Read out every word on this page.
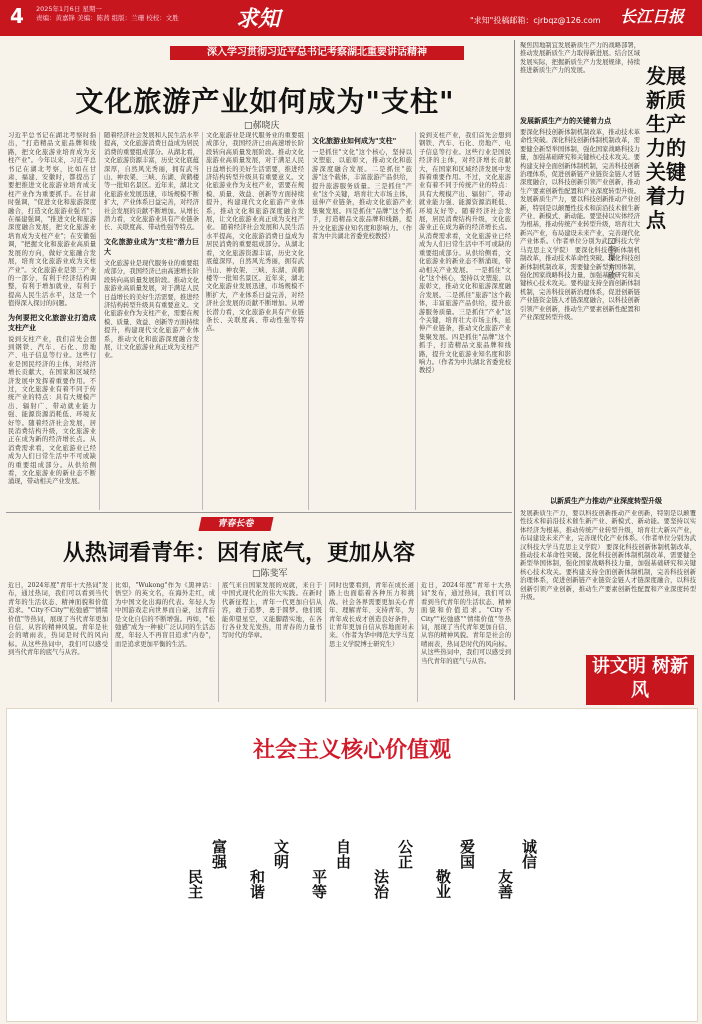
4 2025年1月6日 星期一
责编：黄嘉锋 美编：陈茜 组版：兰珊 校校：文胜	求知	"求知"投稿邮箱：cjrbqz@126.com 长江日报
深入学习贯彻习近平总书记考察湖北重要讲话精神
文化旅游产业如何成为"支柱"
□郝晓庆
习近平总书记在湖北考察时指出，"打造精品文旅品牌和线路，把文化旅游业培育成为支柱产业"。今年以来，习近平总书记在湖北考察，比如在甘肃、福建、安徽时，都提出了要把推进文化旅游业培育成支柱产业作为重要抓手。在甘肃时强调，"促进文化和旅游深度融合，打造文化旅游业强省"；在福建强调，"推进文化和旅游深度融合发展，把文化旅游业培育成为支柱产业"；在安徽强调，"把握文化和旅游业高质量发展的方向，做好文旅融合发展，培育文化旅游业成为支柱产业"。文化旅游业是第三产业的一部分，有利于经济结构调整，有利于增加就业，有利于提高人民生活水平，这是一个值得深入探讨的问题。
为何要把文化旅游业打造成支柱产业
说到支柱产业，我们首先会想到钢铁、汽车、石化、房地产、电子信息等行业。这些行业是国民经济的主体，对经济增长贡献大，在国家和区域经济发展中发挥着重要作用。不过，文化旅游业有着不同于传统产业的特点：具有大规模产出、辐射广、带动就业能力强、能源资源消耗低、环境友好等。随着经济社会发展，居民消费结构升级，文化旅游业正在成为新的经济增长点。从消费需求看，文化旅游业已经成为人们日常生活中不可或缺的重要组成部分。从供给侧看，文化旅游业的新业态不断涌现，带动相关产业发展。
随着经济社会发展和人民生活水平提高，文化旅游消费日益成为居民消费的重要组成部分。从湖北看，文化旅游资源丰富，历史文化底蕴深厚，自然风光秀丽，拥有武当山、神农架、三峡、东湖、黄鹤楼等一批知名景区。近年来，湖北文化旅游业发展迅速，市场规模不断扩大，产业体系日益完善，对经济社会发展的贡献不断增加。从增长潜力看，文化旅游业具有产业链条长、关联度高、带动性强等特点。
文化旅游业成为"支柱"潜力巨大
文化旅游业是现代服务业的重要组成部分，我国经济已由高速增长阶段转向高质量发展阶段。推动文化旅游业高质量发展，对于满足人民日益增长的美好生活需要，推进经济结构转型升级具有重要意义。文化旅游业作为支柱产业，需要在规模、质量、效益、创新等方面持续提升，构建现代文化旅游产业体系，推动文化和旅游深度融合发展，让文化旅游业真正成为支柱产业。
文化旅游业是现代服务业的重要组成部分，我国经济已由高速增长阶段转向高质量发展阶段。推动文化旅游业高质量发展，对于满足人民日益增长的美好生活需要，推进经济结构转型升级具有重要意义。文化旅游业作为支柱产业，需要在规模、质量、效益、创新等方面持续提升，构建现代文化旅游产业体系，推动文化和旅游深度融合发展，让文化旅游业真正成为支柱产业。 随着经济社会发展和人民生活水平提高，文化旅游消费日益成为居民消费的重要组成部分。从湖北看，文化旅游资源丰富，历史文化底蕴深厚，自然风光秀丽，拥有武当山、神农架、三峡、东湖、黄鹤楼等一批知名景区。近年来，湖北文化旅游业发展迅速，市场规模不断扩大，产业体系日益完善，对经济社会发展的贡献不断增加。从增长潜力看，文化旅游业具有产业链条长、关联度高、带动性强等特点。
文化旅游业如何成为"支柱"
一是抓住"文化"这个核心，坚持以文塑旅、以旅彰文，推动文化和旅游深度融合发展。二是抓住"旅游"这个载体，丰富旅游产品供给，提升旅游服务质量。三是抓住"产业"这个关键，培育壮大市场主体，延伸产业链条，推动文化旅游产业集聚发展。四是抓住"品牌"这个抓手，打造精品文旅品牌和线路，提升文化旅游业知名度和影响力。（作者为中共湖北省委党校教授）
说到支柱产业，我们首先会想到钢铁、汽车、石化、房地产、电子信息等行业。这些行业是国民经济的主体，对经济增长贡献大，在国家和区域经济发展中发挥着重要作用。不过，文化旅游业有着不同于传统产业的特点：具有大规模产出、辐射广、带动就业能力强、能源资源消耗低、环境友好等。随着经济社会发展，居民消费结构升级，文化旅游业正在成为新的经济增长点。从消费需求看，文化旅游业已经成为人们日常生活中不可或缺的重要组成部分。从供给侧看，文化旅游业的新业态不断涌现，带动相关产业发展。 一是抓住"文化"这个核心，坚持以文塑旅、以旅彰文，推动文化和旅游深度融合发展。二是抓住"旅游"这个载体，丰富旅游产品供给，提升旅游服务质量。三是抓住"产业"这个关键，培育壮大市场主体，延伸产业链条，推动文化旅游产业集聚发展。四是抓住"品牌"这个抓手，打造精品文旅品牌和线路，提升文化旅游业知名度和影响力。（作者为中共湖北省委党校教授）
聚焦因地制宜发展新质生产力的战略部署，推动发展新质生产力取得新进展。结合区域发展实际，把握新质生产力发展规律，持续推进新质生产力的发展。	发展新质生产力的关键着力点
□李璟 方欣
发展新质生产力的关键着力点
要深化科技创新体制机制改革，推动技术革命性突破。深化科技创新体制机制改革，需要健全新型举国体制，强化国家战略科技力量，加强基础研究和关键核心技术攻关。要构建支持全面创新体制机制，完善科技创新治理体系，促进创新链产业链资金链人才链深度融合，以科技创新引领产业创新，推动生产要素创新性配置和产业深度转型升级。 发展新质生产力，要以科技创新推动产业创新，特别是以颠覆性技术和前沿技术催生新产业、新模式、新动能。要坚持以实体经济为根基，推动传统产业转型升级，培育壮大新兴产业，布局建设未来产业，完善现代化产业体系。（作者单位分别为武汉科技大学马克思主义学院） 要深化科技创新体制机制改革，推动技术革命性突破。深化科技创新体制机制改革，需要健全新型举国体制，强化国家战略科技力量，加强基础研究和关键核心技术攻关。要构建支持全面创新体制机制，完善科技创新治理体系，促进创新链产业链资金链人才链深度融合，以科技创新引领产业创新，推动生产要素创新性配置和产业深度转型升级。
以新质生产力推动产业深度转型升级
发展新质生产力，要以科技创新推动产业创新，特别是以颠覆性技术和前沿技术催生新产业、新模式、新动能。要坚持以实体经济为根基，推动传统产业转型升级，培育壮大新兴产业，布局建设未来产业，完善现代化产业体系。（作者单位分别为武汉科技大学马克思主义学院） 要深化科技创新体制机制改革，推动技术革命性突破。深化科技创新体制机制改革，需要健全新型举国体制，强化国家战略科技力量，加强基础研究和关键核心技术攻关。要构建支持全面创新体制机制，完善科技创新治理体系，促进创新链产业链资金链人才链深度融合，以科技创新引领产业创新，推动生产要素创新性配置和产业深度转型升级。
青春长卷
从热词看青年：因有底气，更加从容
□陈斐军
近日，2024年度"青年十大热词"发布，通过热词，我们可以看到当代青年的生活状态、精神面貌和价值追求。"City不City""松弛感""情绪价值"等热词，展现了当代青年更加自信、从容的精神风貌。青年是社会的晴雨表，热词是时代的风向标。从这些热词中，我们可以感受到当代青年的底气与从容。
比如，"Wukong"作为《黑神话：悟空》的英文名，在海外走红，成为中国文化出海的代表。年轻人为中国游戏走向世界而自豪，这背后是文化自信的不断增强。再如，"松弛感"成为一种被广泛认同的生活态度，年轻人不再盲目追求"内卷"，而是追求更加平衡的生活。
底气来自国家发展的成就，来自于中国式现代化的伟大实践。在新时代新征程上，青年一代更加自信从容，敢于追梦、勇于圆梦。他们既能仰望星空，又能脚踏实地，在各行各业发光发热，用青春的力量书写时代的华章。
同时也要看到，青年在成长道路上也面临着各种压力和挑战。社会各界需要更加关心青年、理解青年、支持青年，为青年成长成才创造良好条件，让青年更加自信从容地面对未来。（作者为华中师范大学马克思主义学院博士研究生）
近日，2024年度"青年十大热词"发布，通过热词，我们可以看到当代青年的生活状态、精神面貌和价值追求。"City不City""松弛感""情绪价值"等热词，展现了当代青年更加自信、从容的精神风貌。青年是社会的晴雨表，热词是时代的风向标。从这些热词中，我们可以感受到当代青年的底气与从容。	讲文明 树新风
社会主义核心价值观
富强
民主
文明
和谐
自由
平等
公正
法治
爱国
敬业
诚信
友善
